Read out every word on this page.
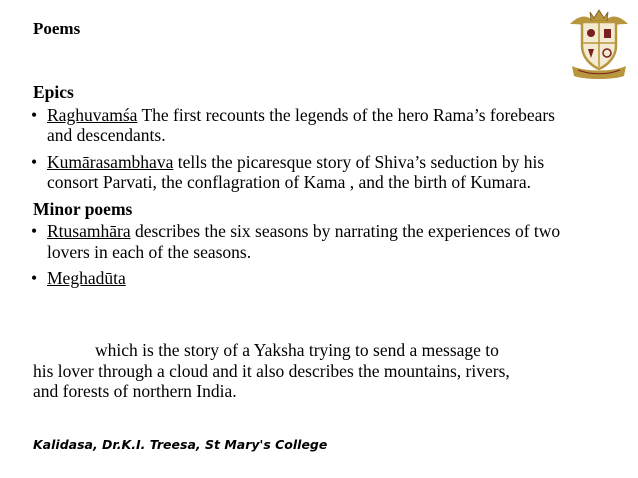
Poems
Epics
• Raghuvamśa The first recounts the legends of the hero Rama’s forebears and descendants.
• Kumārasambhava tells the picaresque story of Shiva’s seduction by his consort Parvati, the conflagration of Kama , and the birth of Kumara.
Minor poems
• Rtusamhāra describes the six seasons by narrating the experiences of two lovers in each of the seasons.
• Meghadūta
which is the story of a Yaksha trying to send a message to
his lover through a cloud and it also describes the mountains, rivers,
and forests of northern India.
Kalidasa, Dr.K.I. Treesa, St Mary's College
